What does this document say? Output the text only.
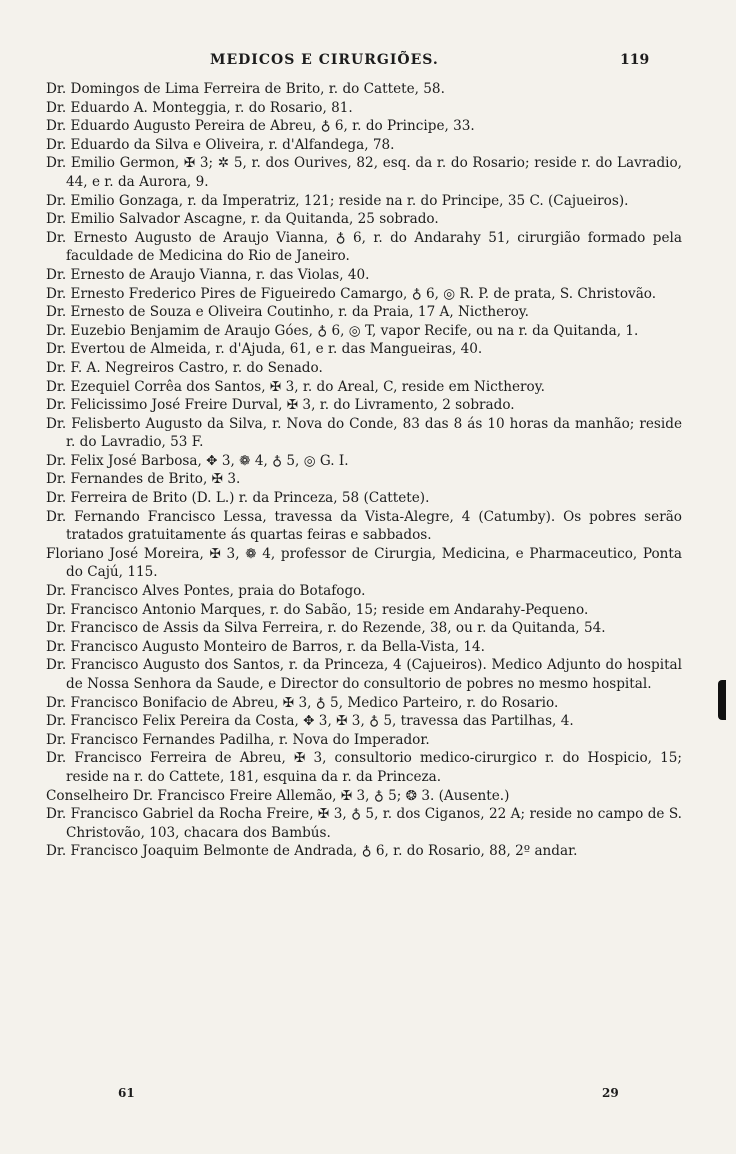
MEDICOS E CIRURGIÕES.	119

Dr. Domingos de Lima Ferreira de Brito, r. do Cattete, 58.

Dr. Eduardo A. Monteggia, r. do Rosario, 81.

Dr. Eduardo Augusto Pereira de Abreu, ♁ 6, r. do Principe, 33.

Dr. Eduardo da Silva e Oliveira, r. d'Alfandega, 78.

Dr. Emilio Germon, ✠ 3; ✲ 5, r. dos Ourives, 82, esq. da r. do Rosario; reside r. do Lavradio, 44, e r. da Aurora, 9.

Dr. Emilio Gonzaga, r. da Imperatriz, 121; reside na r. do Principe, 35 C. (Cajueiros).

Dr. Emilio Salvador Ascagne, r. da Quitanda, 25 sobrado.

Dr. Ernesto Augusto de Araujo Vianna, ♁ 6, r. do Andarahy 51, cirurgião formado pela faculdade de Medicina do Rio de Janeiro.

Dr. Ernesto de Araujo Vianna, r. das Violas, 40.

Dr. Ernesto Frederico Pires de Figueiredo Camargo, ♁ 6, ◎ R. P. de prata, S. Christovão.

Dr. Ernesto de Souza e Oliveira Coutinho, r. da Praia, 17 A, Nictheroy.

Dr. Euzebio Benjamim de Araujo Góes, ♁ 6, ◎ T, vapor Recife, ou na r. da Quitanda, 1.

Dr. Evertou de Almeida, r. d'Ajuda, 61, e r. das Mangueiras, 40.

Dr. F. A. Negreiros Castro, r. do Senado.

Dr. Ezequiel Corrêa dos Santos, ✠ 3, r. do Areal, C, reside em Nictheroy.

Dr. Felicissimo José Freire Durval, ✠ 3, r. do Livramento, 2 sobrado.

Dr. Felisberto Augusto da Silva, r. Nova do Conde, 83 das 8 ás 10 horas da manhão; reside r. do Lavradio, 53 F.

Dr. Felix José Barbosa, ✥ 3, ❁ 4, ♁ 5, ◎ G. I.

Dr. Fernandes de Brito, ✠ 3.

Dr. Ferreira de Brito (D. L.) r. da Princeza, 58 (Cattete).

Dr. Fernando Francisco Lessa, travessa da Vista-Alegre, 4 (Catumby). Os pobres serão tratados gratuitamente ás quartas feiras e sabbados.

Floriano José Moreira, ✠ 3, ❁ 4, professor de Cirurgia, Medicina, e Pharmaceutico, Ponta do Cajú, 115.

Dr. Francisco Alves Pontes, praia do Botafogo.

Dr. Francisco Antonio Marques, r. do Sabão, 15; reside em Andarahy-Pequeno.

Dr. Francisco de Assis da Silva Ferreira, r. do Rezende, 38, ou r. da Quitanda, 54.

Dr. Francisco Augusto Monteiro de Barros, r. da Bella-Vista, 14.

Dr. Francisco Augusto dos Santos, r. da Princeza, 4 (Cajueiros). Medico Adjunto do hospital de Nossa Senhora da Saude, e Director do consultorio de pobres no mesmo hospital.

Dr. Francisco Bonifacio de Abreu, ✠ 3, ♁ 5, Medico Parteiro, r. do Rosario.

Dr. Francisco Felix Pereira da Costa, ✥ 3, ✠ 3, ♁ 5, travessa das Partilhas, 4.

Dr. Francisco Fernandes Padilha, r. Nova do Imperador.

Dr. Francisco Ferreira de Abreu, ✠ 3, consultorio medico-cirurgico r. do Hospicio, 15; reside na r. do Cattete, 181, esquina da r. da Princeza.

Conselheiro Dr. Francisco Freire Allemão, ✠ 3, ♁ 5; ❂ 3. (Ausente.)

Dr. Francisco Gabriel da Rocha Freire, ✠ 3, ♁ 5, r. dos Ciganos, 22 A; reside no campo de S. Christovão, 103, chacara dos Bambús.

Dr. Francisco Joaquim Belmonte de Andrada, ♁ 6, r. do Rosario, 88, 2º andar.

61	29
